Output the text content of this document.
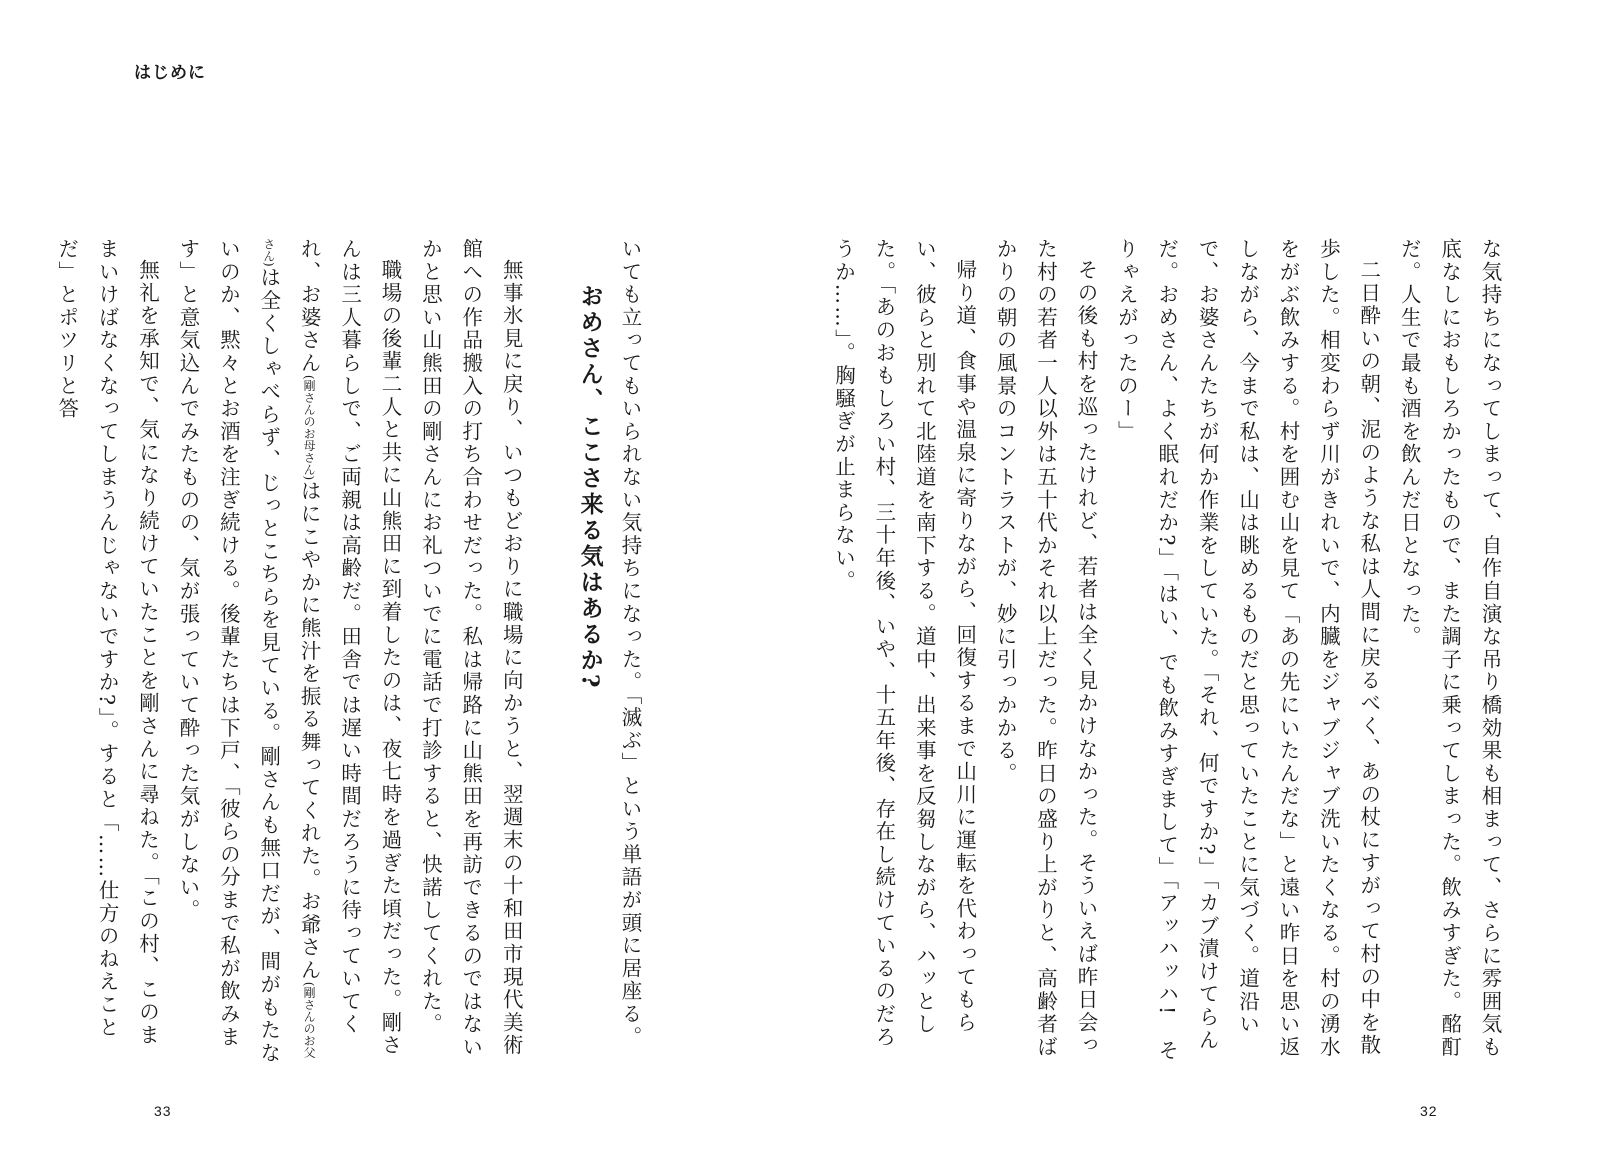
はじめに

いても立ってもいられない気持ちになった。「滅ぶ」という単語が頭に居座る。

おめさん、ここさ来る気はあるか?

無事氷見に戻り、いつもどおりに職場に向かうと、翌週末の十和田市現代美術館への作品搬入の打ち合わせだった。私は帰路に山熊田を再訪できるのではないかと思い山熊田の剛さんにお礼ついでに電話で打診すると、快諾してくれた。

職場の後輩二人と共に山熊田に到着したのは、夜七時を過ぎた頃だった。剛さんは三人暮らしで、ご両親は高齢だ。田舎では遅い時間だろうに待っていてくれ、お婆さん(剛さんのお母さん)はにこやかに熊汁を振る舞ってくれた。お爺さん(剛さんのお父さん)は全くしゃべらず、じっとこちらを見ている。剛さんも無口だが、間がもたないのか、黙々とお酒を注ぎ続ける。後輩たちは下戸、「彼らの分まで私が飲みます」と意気込んでみたものの、気が張っていて酔った気がしない。

無礼を承知で、気になり続けていたことを剛さんに尋ねた。「この村、このままいけばなくなってしまうんじゃないですか?」。すると「……仕方のねえことだ」とポツリと答

33

な気持ちになってしまって、自作自演な吊り橋効果も相まって、さらに雰囲気も底なしにおもしろかったもので、また調子に乗ってしまった。飲みすぎた。酩酊だ。人生で最も酒を飲んだ日となった。

二日酔いの朝、泥のような私は人間に戻るべく、あの杖にすがって村の中を散歩した。相変わらず川がきれいで、内臓をジャブジャブ洗いたくなる。村の湧水をがぶ飲みする。村を囲む山を見て「あの先にいたんだな」と遠い昨日を思い返しながら、今まで私は、山は眺めるものだと思っていたことに気づく。道沿いで、お婆さんたちが何か作業をしていた。「それ、何ですか?」「カブ漬けてらんだ。おめさん、よく眠れだか?」「はい、でも飲みすぎまして」「アッハッハ!　そりゃえがったのー」

その後も村を巡ったけれど、若者は全く見かけなかった。そういえば昨日会った村の若者一人以外は五十代かそれ以上だった。昨日の盛り上がりと、高齢者ばかりの朝の風景のコントラストが、妙に引っかかる。

帰り道、食事や温泉に寄りながら、回復するまで山川に運転を代わってもらい、彼らと別れて北陸道を南下する。道中、出来事を反芻しながら、ハッとした。「あのおもしろい村、三十年後、いや、十五年後、存在し続けているのだろうか……」。胸騒ぎが止まらない。

32
